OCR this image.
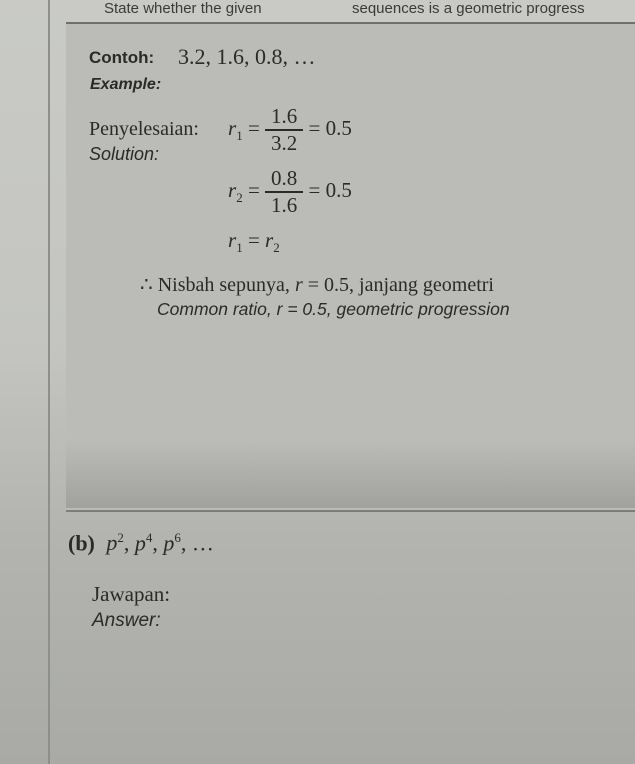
State whether the given	sequences is a geometric progress
Contoh: 3.2, 1.6, 0.8, …
Example:
Penyelesaian:
Solution:
$r_1 = \frac{1.6}{3.2} = 0.5$
$r_2 = \frac{0.8}{1.6} = 0.5$
$r_1 = r_2$
∴ Nisbah sepunya, r = 0.5, janjang geometri
Common ratio, r = 0.5, geometric progression
(b) $p^2$, $p^4$, $p^6$, …
Jawapan:
Answer:
